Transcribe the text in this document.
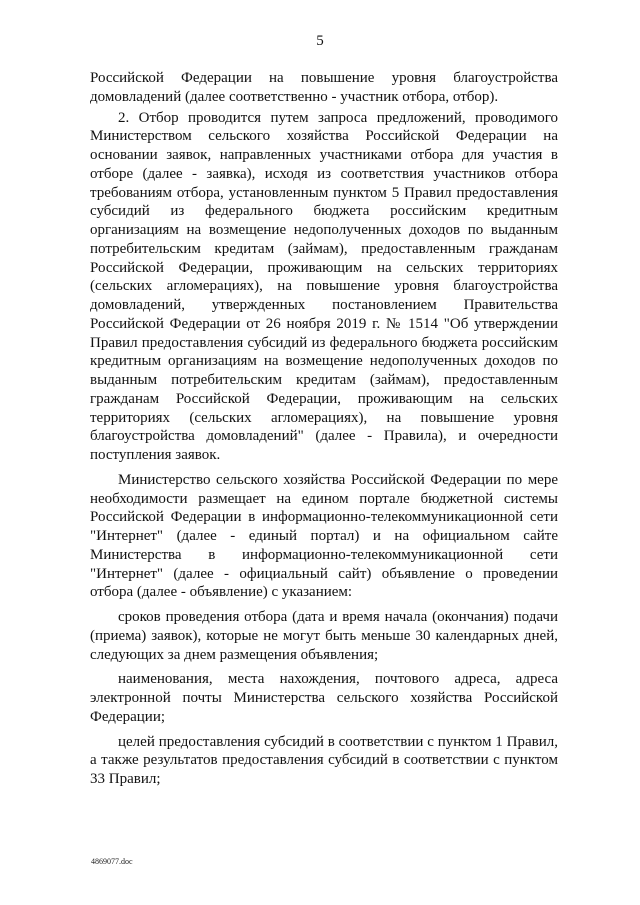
5

Российской Федерации на повышение уровня благоустройства домовладений (далее соответственно - участник отбора, отбор).

2. Отбор проводится путем запроса предложений, проводимого Министерством сельского хозяйства Российской Федерации на основании заявок, направленных участниками отбора для участия в отборе (далее - заявка), исходя из соответствия участников отбора требованиям отбора, установленным пунктом 5 Правил предоставления субсидий из федерального бюджета российским кредитным организациям на возмещение недополученных доходов по выданным потребительским кредитам (займам), предоставленным гражданам Российской Федерации, проживающим на сельских территориях (сельских агломерациях), на повышение уровня благоустройства домовладений, утвержденных постановлением Правительства Российской Федерации от 26 ноября 2019 г. № 1514 "Об утверждении Правил предоставления субсидий из федерального бюджета российским кредитным организациям на возмещение недополученных доходов по выданным потребительским кредитам (займам), предоставленным гражданам Российской Федерации, проживающим на сельских территориях (сельских агломерациях), на повышение уровня благоустройства домовладений" (далее - Правила), и очередности поступления заявок.

Министерство сельского хозяйства Российской Федерации по мере необходимости размещает на едином портале бюджетной системы Российской Федерации в информационно-телекоммуникационной сети "Интернет" (далее - единый портал) и на официальном сайте Министерства в информационно-телекоммуникационной сети "Интернет" (далее - официальный сайт) объявление о проведении отбора (далее - объявление) с указанием:

сроков проведения отбора (дата и время начала (окончания) подачи (приема) заявок), которые не могут быть меньше 30 календарных дней, следующих за днем размещения объявления;

наименования, места нахождения, почтового адреса, адреса электронной почты Министерства сельского хозяйства Российской Федерации;

целей предоставления субсидий в соответствии с пунктом 1 Правил, а также результатов предоставления субсидий в соответствии с пунктом 33 Правил;

4869077.doc
